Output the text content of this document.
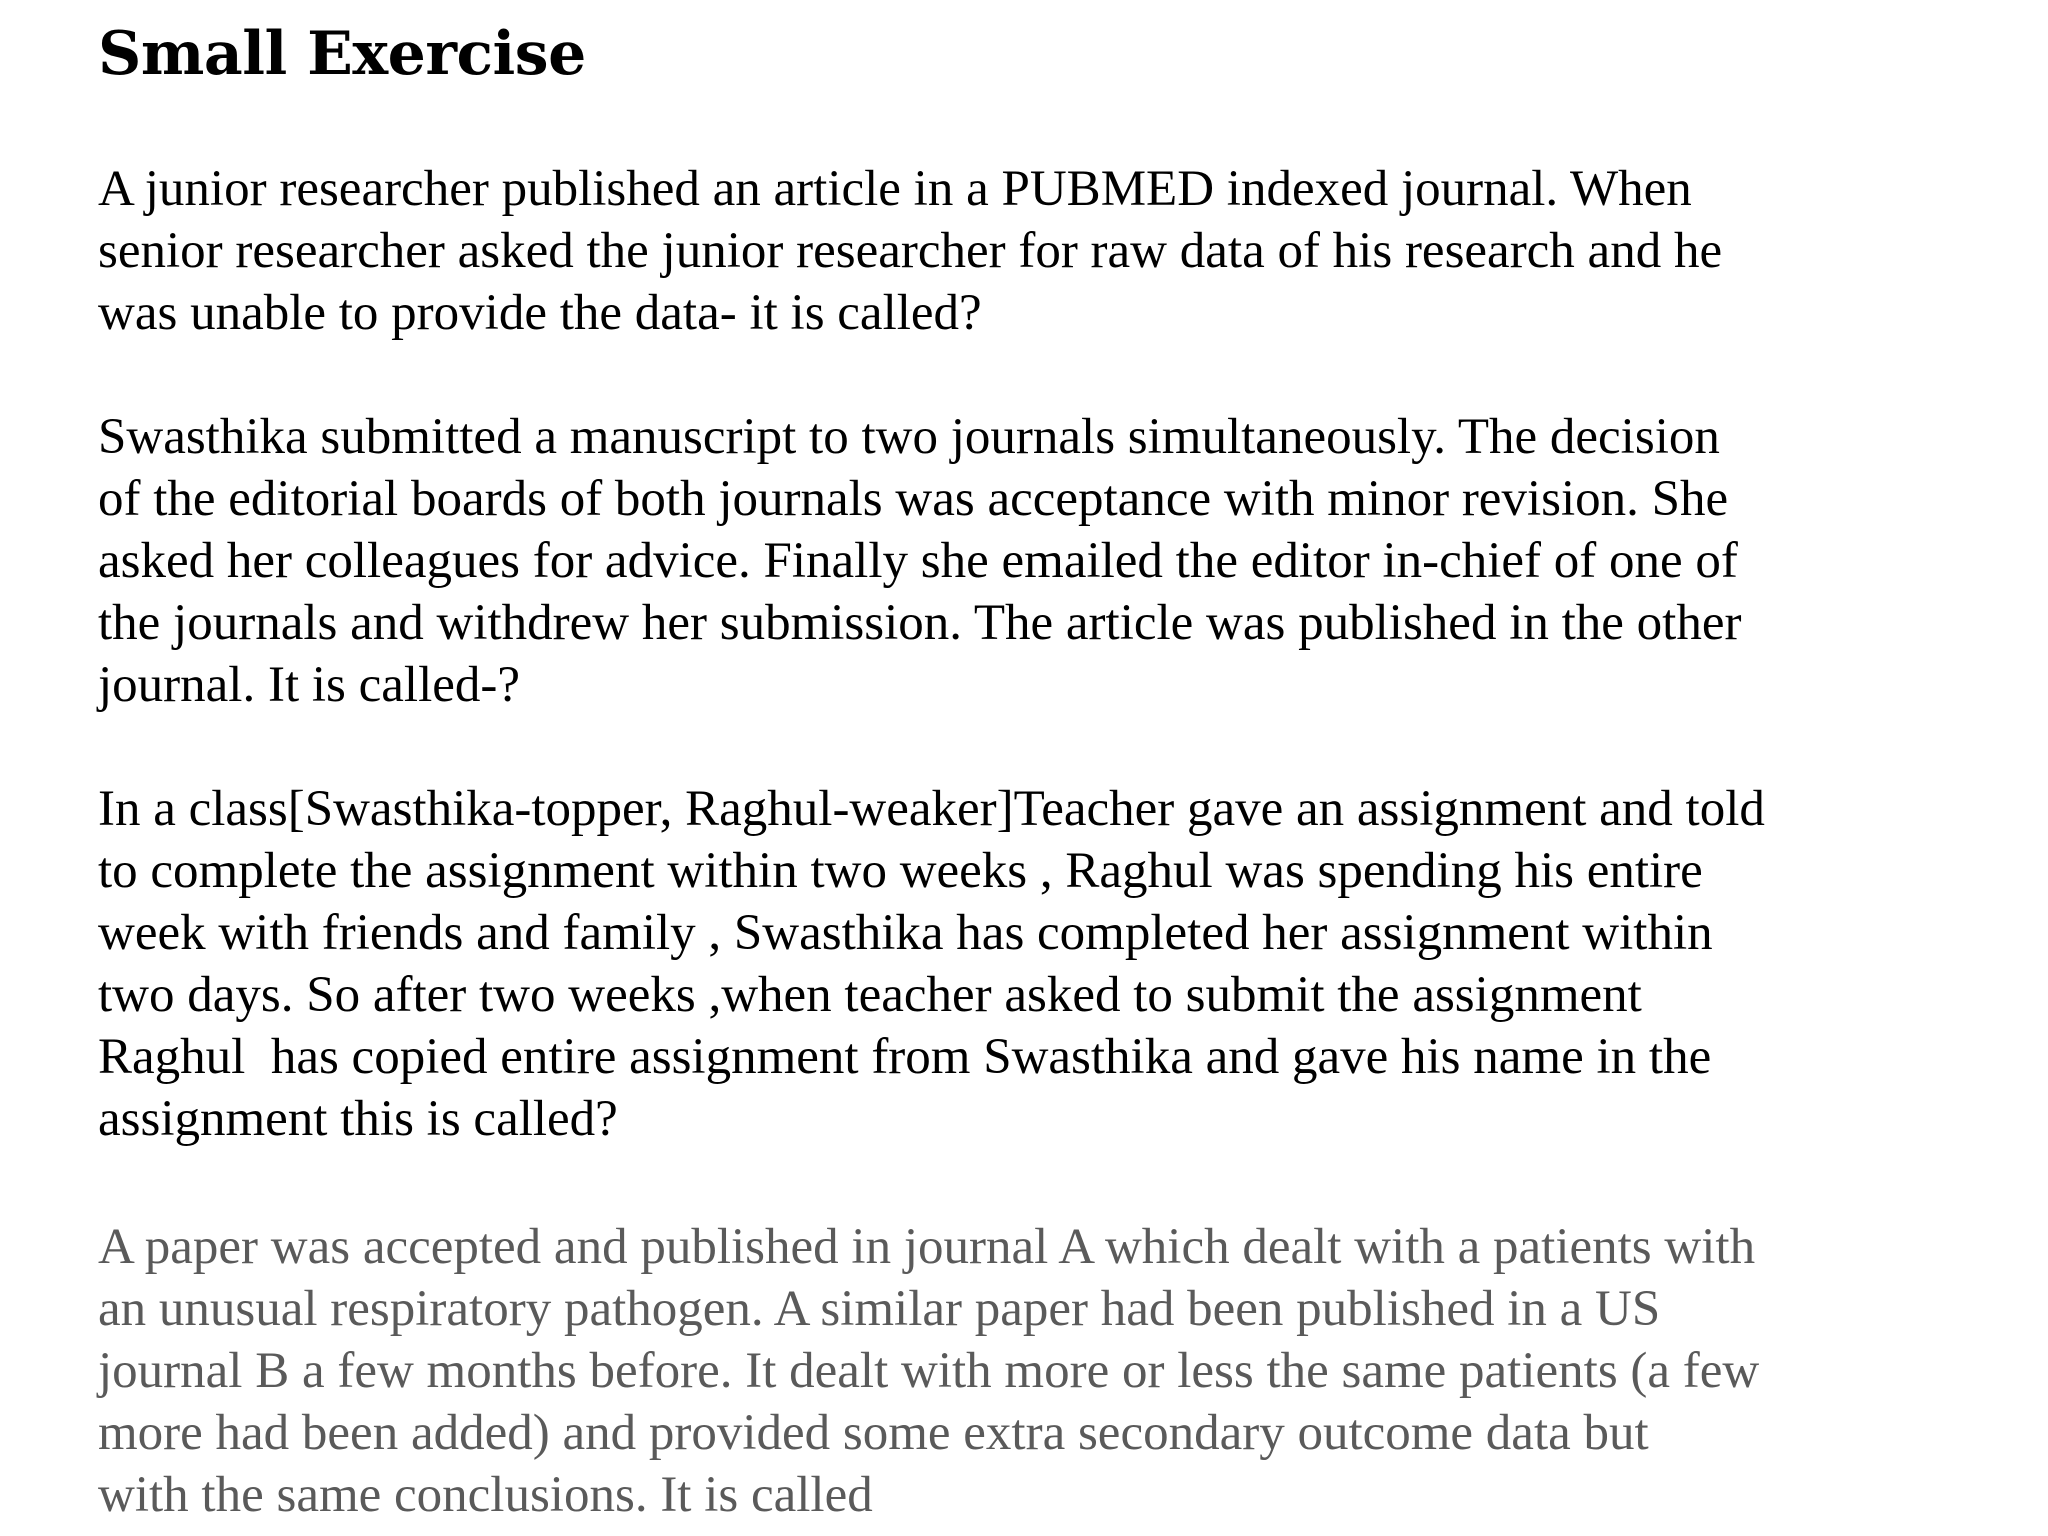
Small Exercise
A junior researcher published an article in a PUBMED indexed journal. When
senior researcher asked the junior researcher for raw data of his research and he
was unable to provide the data- it is called?
Swasthika submitted a manuscript to two journals simultaneously. The decision
of the editorial boards of both journals was acceptance with minor revision. She
asked her colleagues for advice. Finally she emailed the editor in-chief of one of
the journals and withdrew her submission. The article was published in the other
journal. It is called-?
In a class[Swasthika-topper, Raghul-weaker]Teacher gave an assignment and told
to complete the assignment within two weeks , Raghul was spending his entire
week with friends and family , Swasthika has completed her assignment within
two days. So after two weeks ,when teacher asked to submit the assignment
Raghul  has copied entire assignment from Swasthika and gave his name in the
assignment this is called?
A paper was accepted and published in journal A which dealt with a patients with
an unusual respiratory pathogen. A similar paper had been published in a US
journal B a few months before. It dealt with more or less the same patients (a few
more had been added) and provided some extra secondary outcome data but
with the same conclusions. It is called
